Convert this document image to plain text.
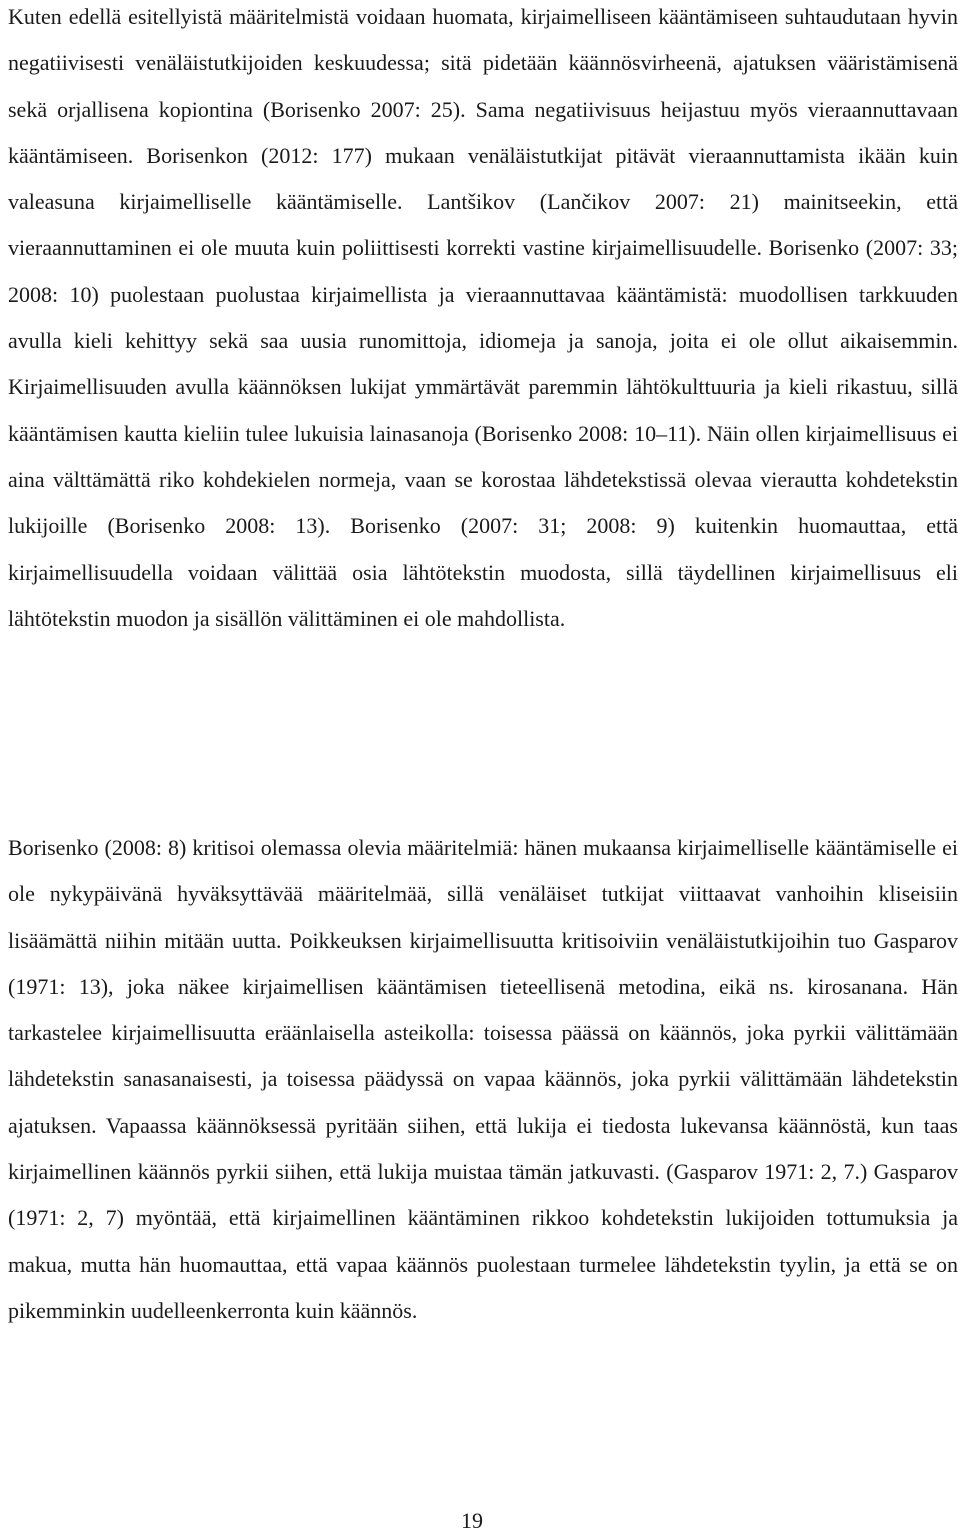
Kuten edellä esitellyistä määritelmistä voidaan huomata, kirjaimelliseen kääntämiseen suhtaudutaan hyvin negatiivisesti venäläistutkijoiden keskuudessa; sitä pidetään käännösvirheenä, ajatuksen vääristämisenä sekä orjallisena kopiontina (Borisenko 2007: 25). Sama negatiivisuus heijastuu myös vieraannuttavaan kääntämiseen. Borisenkon (2012: 177) mukaan venäläistutkijat pitävät vieraannuttamista ikään kuin valeasuna kirjaimelliselle kääntämiselle. Lantšikov (Lančikov 2007: 21) mainitseekin, että vieraannuttaminen ei ole muuta kuin poliittisesti korrekti vastine kirjaimellisuudelle. Borisenko (2007: 33; 2008: 10) puolestaan puolustaa kirjaimellista ja vieraannuttavaa kääntämistä: muodollisen tarkkuuden avulla kieli kehittyy sekä saa uusia runomittoja, idiomeja ja sanoja, joita ei ole ollut aikaisemmin. Kirjaimellisuuden avulla käännöksen lukijat ymmärtävät paremmin lähtökulttuuria ja kieli rikastuu, sillä kääntämisen kautta kieliin tulee lukuisia lainasanoja (Borisenko 2008: 10–11). Näin ollen kirjaimellisuus ei aina välttämättä riko kohdekielen normeja, vaan se korostaa lähdetekstissä olevaa vierautta kohdetekstin lukijoille (Borisenko 2008: 13). Borisenko (2007: 31; 2008: 9) kuitenkin huomauttaa, että kirjaimellisuudella voidaan välittää osia lähtötekstin muodosta, sillä täydellinen kirjaimellisuus eli lähtötekstin muodon ja sisällön välittäminen ei ole mahdollista.

Borisenko (2008: 8) kritisoi olemassa olevia määritelmiä: hänen mukaansa kirjaimelliselle kääntämiselle ei ole nykypäivänä hyväksyttävää määritelmää, sillä venäläiset tutkijat viittaavat vanhoihin kliseisiin lisäämättä niihin mitään uutta. Poikkeuksen kirjaimellisuutta kritisoiviin venäläistutkijoihin tuo Gasparov (1971: 13), joka näkee kirjaimellisen kääntämisen tieteellisenä metodina, eikä ns. kirosanana. Hän tarkastelee kirjaimellisuutta eräänlaisella asteikolla: toisessa päässä on käännös, joka pyrkii välittämään lähdetekstin sanasanaisesti, ja toisessa päädyssä on vapaa käännös, joka pyrkii välittämään lähdetekstin ajatuksen. Vapaassa käännöksessä pyritään siihen, että lukija ei tiedosta lukevansa käännöstä, kun taas kirjaimellinen käännös pyrkii siihen, että lukija muistaa tämän jatkuvasti. (Gasparov 1971: 2, 7.) Gasparov (1971: 2, 7) myöntää, että kirjaimellinen kääntäminen rikkoo kohdetekstin lukijoiden tottumuksia ja makua, mutta hän huomauttaa, että vapaa käännös puolestaan turmelee lähdetekstin tyylin, ja että se on pikemminkin uudelleenkerronta kuin käännös.

19
